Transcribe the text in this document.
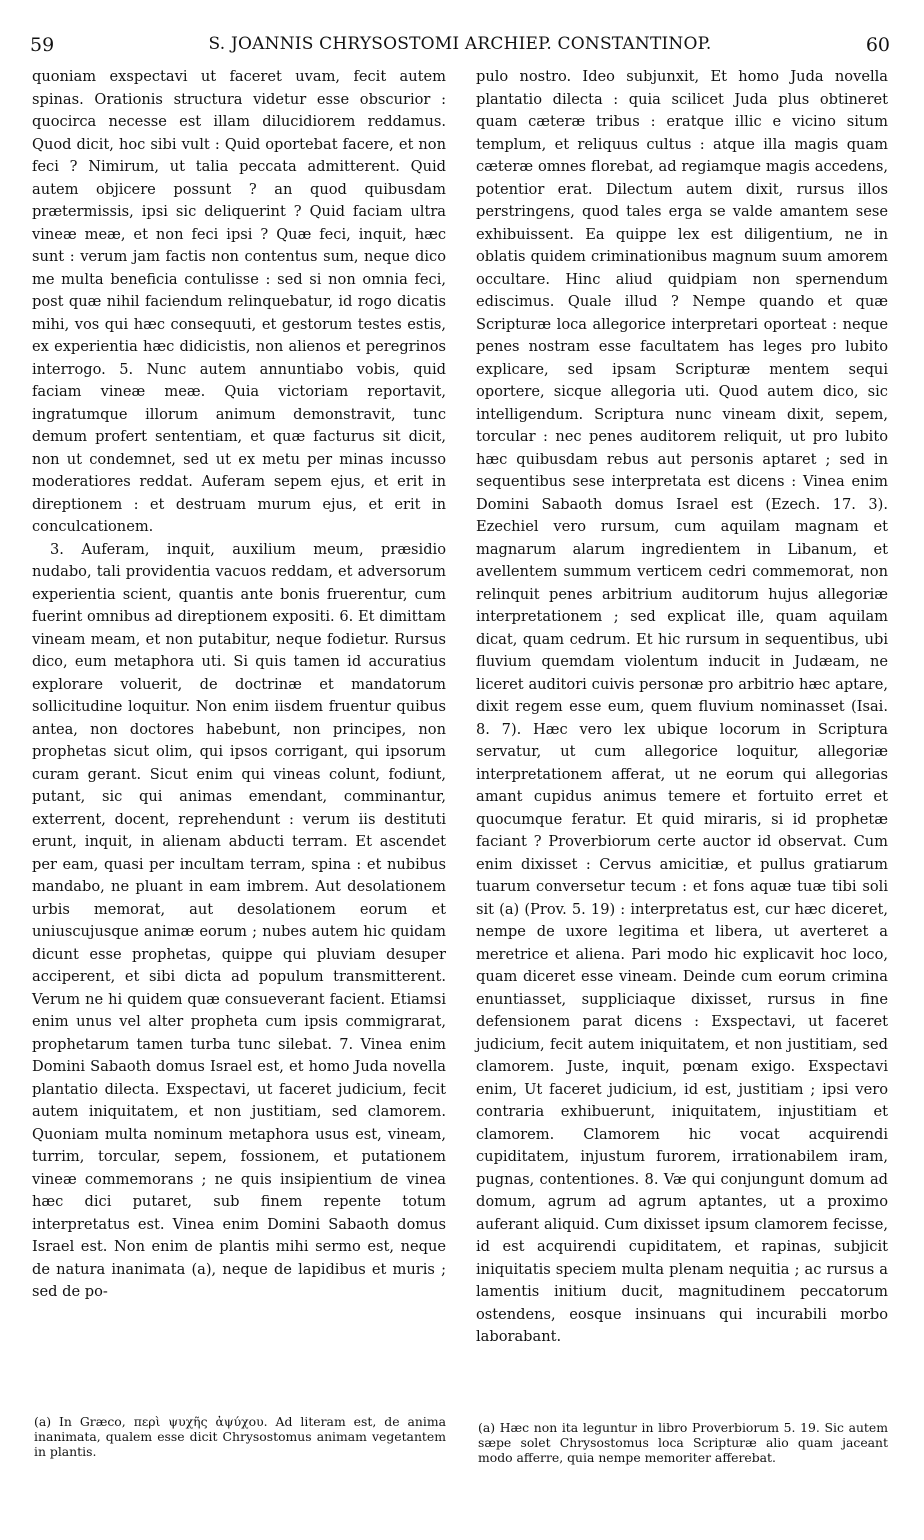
59	S. JOANNIS CHRYSOSTOMI ARCHIEP. CONSTANTINOP.	60

quoniam exspectavi ut faceret uvam, fecit autem spinas. Orationis structura videtur esse obscurior : quocirca necesse est illam dilucidiorem reddamus. Quod dicit, hoc sibi vult : Quid oportebat facere, et non feci ? Nimirum, ut talia peccata admitterent. Quid autem objicere possunt ? an quod quibusdam prætermissis, ipsi sic deliquerint ? Quid faciam ultra vineæ meæ, et non feci ipsi ? Quæ feci, inquit, hæc sunt : verum jam factis non contentus sum, neque dico me multa beneficia contulisse : sed si non omnia feci, post quæ nihil faciendum relinquebatur, id rogo dicatis mihi, vos qui hæc consequuti, et gestorum testes estis, ex experientia hæc didicistis, non alienos et peregrinos interrogo. 5. Nunc autem annuntiabo vobis, quid faciam vineæ meæ. Quia victoriam reportavit, ingratumque illorum animum demonstravit, tunc demum profert sententiam, et quæ facturus sit dicit, non ut condemnet, sed ut ex metu per minas incusso moderatiores reddat. Auferam sepem ejus, et erit in direptionem : et destruam murum ejus, et erit in conculcationem.

3. Auferam, inquit, auxilium meum, præsidio nudabo, tali providentia vacuos reddam, et adversorum experientia scient, quantis ante bonis fruerentur, cum fuerint omnibus ad direptionem expositi. 6. Et dimittam vineam meam, et non putabitur, neque fodietur. Rursus dico, eum metaphora uti. Si quis tamen id accuratius explorare voluerit, de doctrinæ et mandatorum sollicitudine loquitur. Non enim iisdem fruentur quibus antea, non doctores habebunt, non principes, non prophetas sicut olim, qui ipsos corrigant, qui ipsorum curam gerant. Sicut enim qui vineas colunt, fodiunt, putant, sic qui animas emendant, comminantur, exterrent, docent, reprehendunt : verum iis destituti erunt, inquit, in alienam abducti terram. Et ascendet per eam, quasi per incultam terram, spina : et nubibus mandabo, ne pluant in eam imbrem. Aut desolationem urbis memorat, aut desolationem eorum et uniuscujusque animæ eorum ; nubes autem hic quidam dicunt esse prophetas, quippe qui pluviam desuper acciperent, et sibi dicta ad populum transmitterent. Verum ne hi quidem quæ consueverant facient. Etiamsi enim unus vel alter propheta cum ipsis commigrarat, prophetarum tamen turba tunc silebat. 7. Vinea enim Domini Sabaoth domus Israel est, et homo Juda novella plantatio dilecta. Exspectavi, ut faceret judicium, fecit autem iniquitatem, et non justitiam, sed clamorem. Quoniam multa nominum metaphora usus est, vineam, turrim, torcular, sepem, fossionem, et putationem vineæ commemorans ; ne quis insipientium de vinea hæc dici putaret, sub finem repente totum interpretatus est. Vinea enim Domini Sabaoth domus Israel est. Non enim de plantis mihi sermo est, neque de natura inanimata (a), neque de lapidibus et muris ; sed de po-

pulo nostro. Ideo subjunxit, Et homo Juda novella plantatio dilecta : quia scilicet Juda plus obtineret quam cæteræ tribus : eratque illic e vicino situm templum, et reliquus cultus : atque illa magis quam cæteræ omnes florebat, ad regiamque magis accedens, potentior erat. Dilectum autem dixit, rursus illos perstringens, quod tales erga se valde amantem sese exhibuissent. Ea quippe lex est diligentium, ne in oblatis quidem criminationibus magnum suum amorem occultare. Hinc aliud quidpiam non spernendum ediscimus. Quale illud ? Nempe quando et quæ Scripturæ loca allegorice interpretari oporteat : neque penes nostram esse facultatem has leges pro lubito explicare, sed ipsam Scripturæ mentem sequi oportere, sicque allegoria uti. Quod autem dico, sic intelligendum. Scriptura nunc vineam dixit, sepem, torcular : nec penes auditorem reliquit, ut pro lubito hæc quibusdam rebus aut personis aptaret ; sed in sequentibus sese interpretata est dicens : Vinea enim Domini Sabaoth domus Israel est (Ezech. 17. 3). Ezechiel vero rursum, cum aquilam magnam et magnarum alarum ingredientem in Libanum, et avellentem summum verticem cedri commemorat, non relinquit penes arbitrium auditorum hujus allegoriæ interpretationem ; sed explicat ille, quam aquilam dicat, quam cedrum. Et hic rursum in sequentibus, ubi fluvium quemdam violentum inducit in Judæam, ne liceret auditori cuivis personæ pro arbitrio hæc aptare, dixit regem esse eum, quem fluvium nominasset (Isai. 8. 7). Hæc vero lex ubique locorum in Scriptura servatur, ut cum allegorice loquitur, allegoriæ interpretationem afferat, ut ne eorum qui allegorias amant cupidus animus temere et fortuito erret et quocumque feratur. Et quid miraris, si id prophetæ faciant ? Proverbiorum certe auctor id observat. Cum enim dixisset : Cervus amicitiæ, et pullus gratiarum tuarum conversetur tecum : et fons aquæ tuæ tibi soli sit (a) (Prov. 5. 19) : interpretatus est, cur hæc diceret, nempe de uxore legitima et libera, ut averteret a meretrice et aliena. Pari modo hic explicavit hoc loco, quam diceret esse vineam. Deinde cum eorum crimina enuntiasset, suppliciaque dixisset, rursus in fine defensionem parat dicens : Exspectavi, ut faceret judicium, fecit autem iniquitatem, et non justitiam, sed clamorem. Juste, inquit, pœnam exigo. Exspectavi enim, Ut faceret judicium, id est, justitiam ; ipsi vero contraria exhibuerunt, iniquitatem, injustitiam et clamorem. Clamorem hic vocat acquirendi cupiditatem, injustum furorem, irrationabilem iram, pugnas, contentiones. 8. Væ qui conjungunt domum ad domum, agrum ad agrum aptantes, ut a proximo auferant aliquid. Cum dixisset ipsum clamorem fecisse, id est acquirendi cupiditatem, et rapinas, subjicit iniquitatis speciem multa plenam nequitia ; ac rursus a lamentis initium ducit, magnitudinem peccatorum ostendens, eosque insinuans qui incurabili morbo laborabant.

(a) In Græco, περὶ ψυχῆς ἀψύχου. Ad literam est, de anima inanimata, qualem esse dicit Chrysostomus animam vegetantem in plantis.

(a) Hæc non ita leguntur in libro Proverbiorum 5. 19. Sic autem sæpe solet Chrysostomus loca Scripturæ alio quam jaceant modo afferre, quia nempe memoriter afferebat.
